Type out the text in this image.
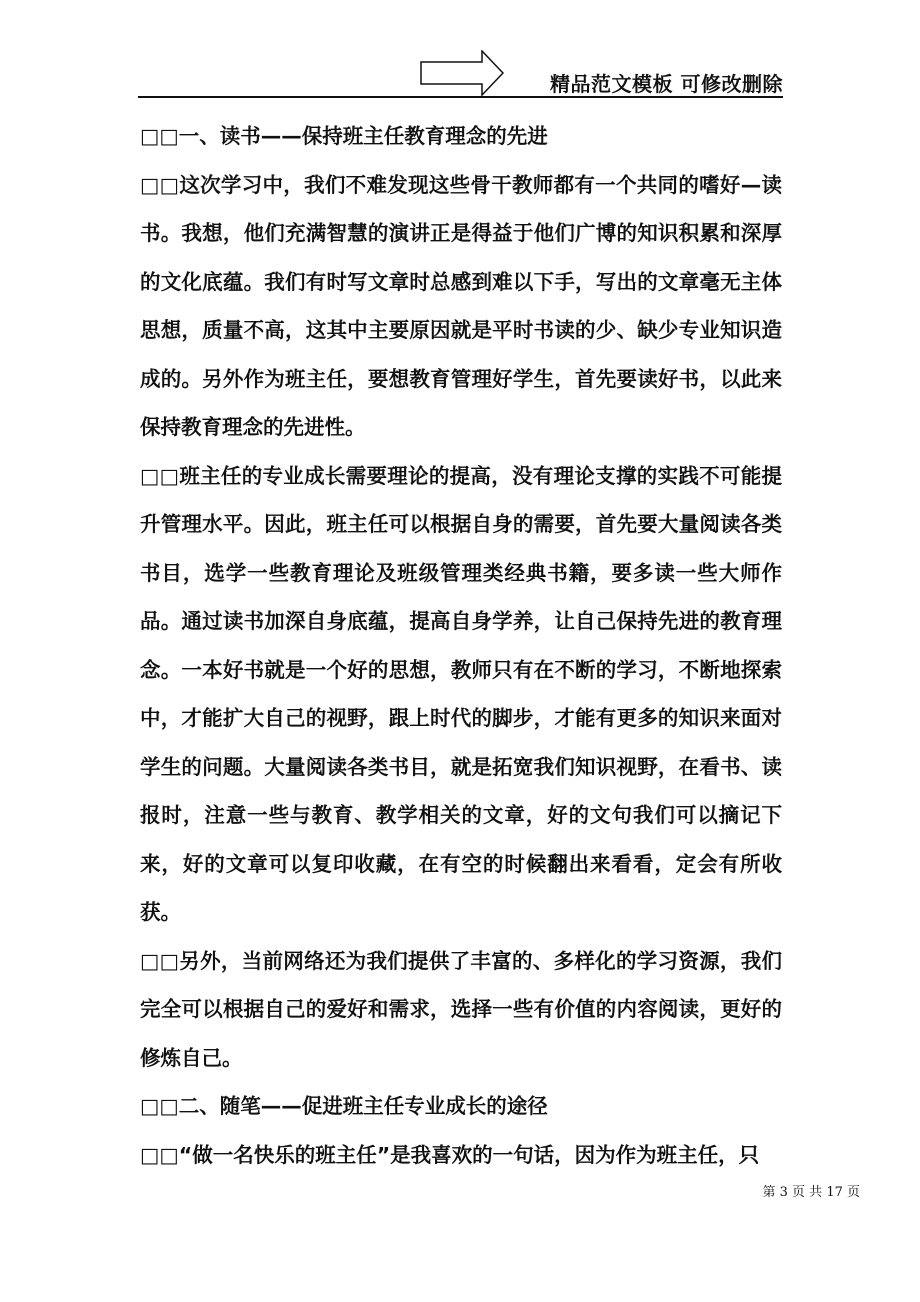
精品范文模板 可修改删除

□□一、读书——保持班主任教育理念的先进

□□这次学习中，我们不难发现这些骨干教师都有一个共同的嗜好—读书。我想，他们充满智慧的演讲正是得益于他们广博的知识积累和深厚的文化底蕴。我们有时写文章时总感到难以下手，写出的文章毫无主体思想，质量不高，这其中主要原因就是平时书读的少、缺少专业知识造成的。另外作为班主任，要想教育管理好学生，首先要读好书，以此来保持教育理念的先进性。

□□班主任的专业成长需要理论的提高，没有理论支撑的实践不可能提升管理水平。因此，班主任可以根据自身的需要，首先要大量阅读各类书目，选学一些教育理论及班级管理类经典书籍，要多读一些大师作品。通过读书加深自身底蕴，提高自身学养，让自己保持先进的教育理念。一本好书就是一个好的思想，教师只有在不断的学习，不断地探索中，才能扩大自己的视野，跟上时代的脚步，才能有更多的知识来面对学生的问题。大量阅读各类书目，就是拓宽我们知识视野，在看书、读报时，注意一些与教育、教学相关的文章，好的文句我们可以摘记下来，好的文章可以复印收藏，在有空的时候翻出来看看，定会有所收获。

□□另外，当前网络还为我们提供了丰富的、多样化的学习资源，我们完全可以根据自己的爱好和需求，选择一些有价值的内容阅读，更好的修炼自己。

□□二、随笔——促进班主任专业成长的途径

□□“做一名快乐的班主任”是我喜欢的一句话，因为作为班主任，只

第 3 页 共 17 页
